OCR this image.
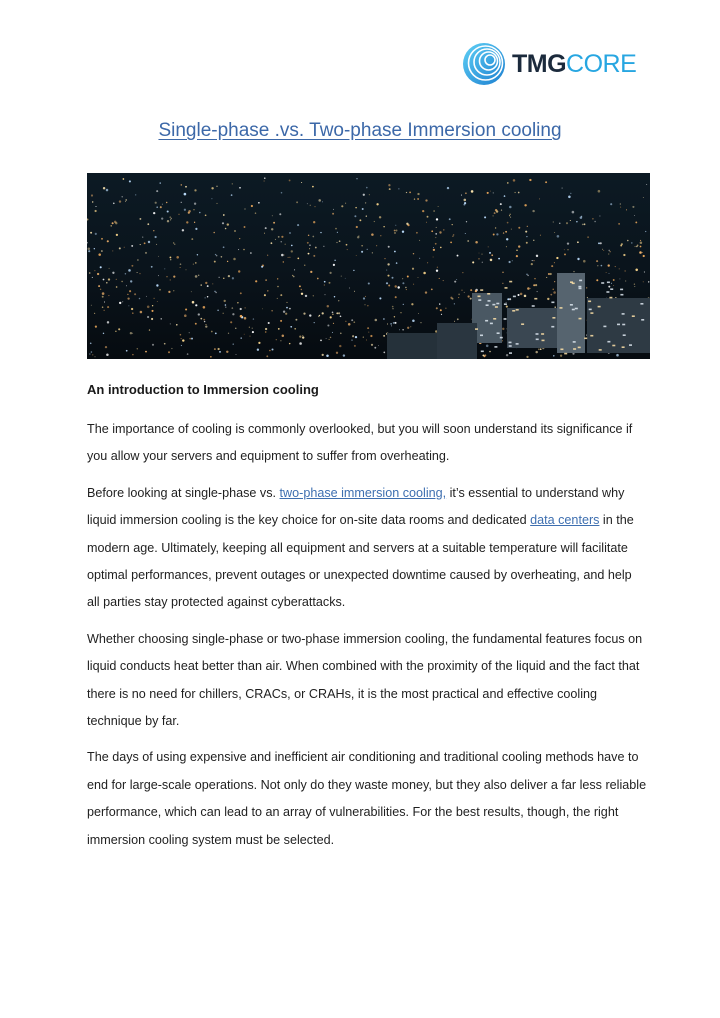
TMGCORE
Single-phase .vs. Two-phase Immersion cooling
An introduction to Immersion cooling

The importance of cooling is commonly overlooked, but you will soon understand its significance if you allow your servers and equipment to suffer from overheating.

Before looking at single-phase vs. two-phase immersion cooling, it’s essential to understand why liquid immersion cooling is the key choice for on-site data rooms and dedicated data centers in the modern age. Ultimately, keeping all equipment and servers at a suitable temperature will facilitate optimal performances, prevent outages or unexpected downtime caused by overheating, and help all parties stay protected against cyberattacks.

Whether choosing single-phase or two-phase immersion cooling, the fundamental features focus on liquid conducts heat better than air. When combined with the proximity of the liquid and the fact that there is no need for chillers, CRACs, or CRAHs, it is the most practical and effective cooling technique by far.

The days of using expensive and inefficient air conditioning and traditional cooling methods have to end for large-scale operations. Not only do they waste money, but they also deliver a far less reliable performance, which can lead to an array of vulnerabilities. For the best results, though, the right immersion cooling system must be selected.
